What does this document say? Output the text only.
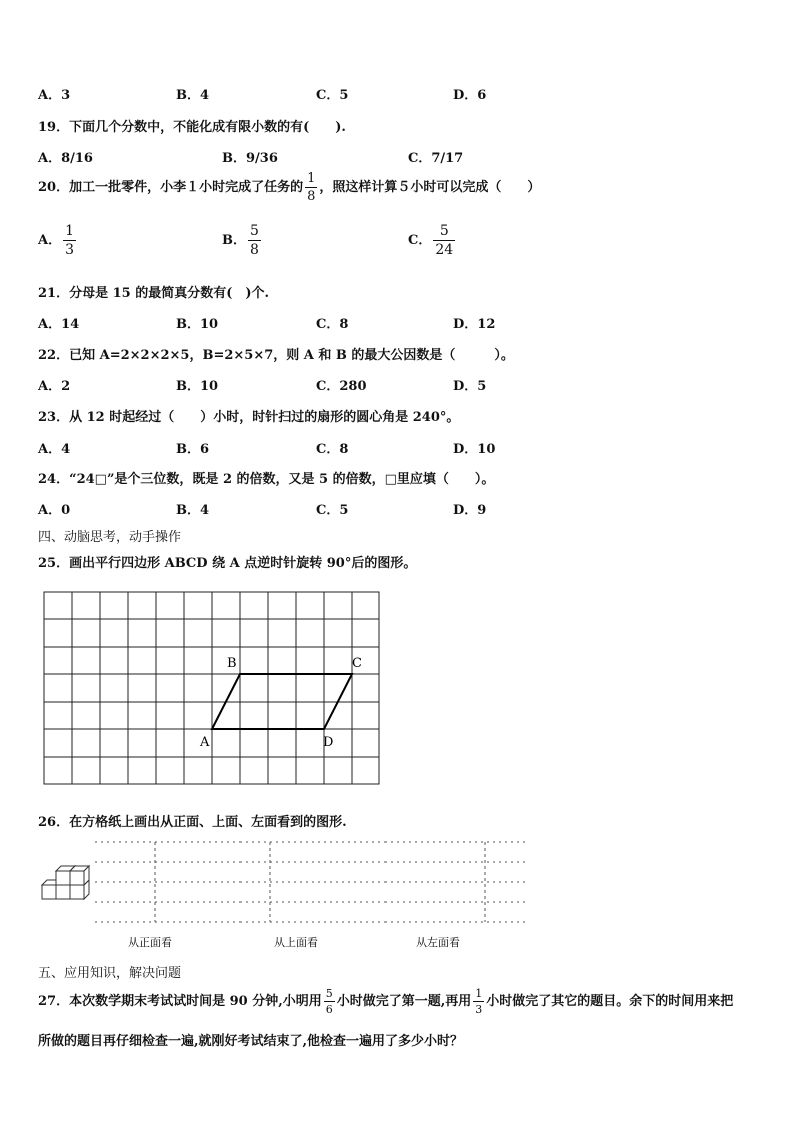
A．3	B．4	C．5	D．6
19．下面几个分数中，不能化成有限小数的有(　　).
A．8/16	B．9/36	C．7/17
20．加工一批零件，小李１小时完成了任务的 $\frac{1}{8}$ ，照这样计算５小时可以完成（　　）
A． $\frac{1}{3}$	B． $\frac{5}{8}$	C． $\frac{5}{24}$
21．分母是 15 的最简真分数有(　)个.
A．14	B．10	C．8	D．12
22．已知 A=2×2×2×5，B=2×5×7，则 A 和 B 的最大公因数是（　　　）。
A．2	B．10	C．280	D．5
23．从 12 时起经过（　　）小时，时针扫过的扇形的圆心角是 240°。
A．4	B．6	C．8	D．10
24．“24□”是个三位数，既是 2 的倍数，又是 5 的倍数，□里应填（　　）。
A．0	B．4	C．5	D．9
四、动脑思考，动手操作
25．画出平行四边形 ABCD 绕 A 点逆时针旋转 90°后的图形。
B	C
A	D
从正面看	从上面看	从左面看
26．在方格纸上画出从正面、上面、左面看到的图形.
五、应用知识，解决问题
27．本次数学期末考试试时间是 90 分钟,小明用 $\frac{5}{6}$ 小时做完了第一题,再用 $\frac{1}{3}$ 小时做完了其它的题目。余下的时间用来把
所做的题目再仔细检查一遍,就刚好考试结束了,他检查一遍用了多少小时？
